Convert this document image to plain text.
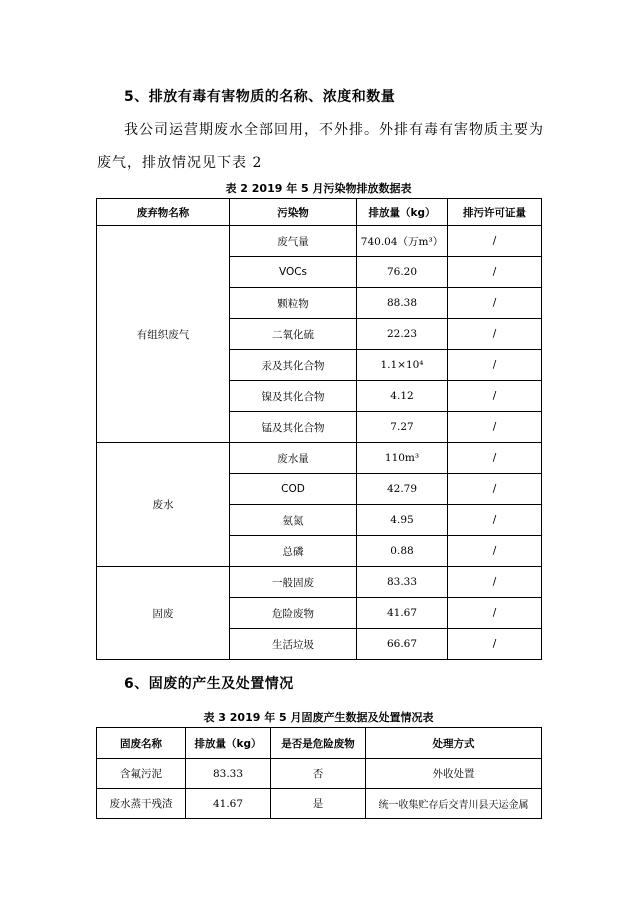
5、排放有毒有害物质的名称、浓度和数量
我公司运营期废水全部回用，不外排。外排有毒有害物质主要为
废气，排放情况见下表 2
表 2 2019 年 5 月污染物排放数据表
废弃物名称	污染物	排放量（kg）	排污许可证量
有组织废气	废气量	740.04（万m³）	/
	VOCs	76.20	/
	颗粒物	88.38	/
	二氧化硫	22.23	/
	汞及其化合物	1.1×10⁴	/
	镍及其化合物	4.12	/
	锰及其化合物	7.27	/
废水	废水量	110m³	/
	COD	42.79	/
	氨氮	4.95	/
	总磷	0.88	/
固废	一般固废	83.33	/
	危险废物	41.67	/
	生活垃圾	66.67	/
6、固废的产生及处置情况
表 3 2019 年 5 月固废产生数据及处置情况表
固废名称	排放量（kg）	是否是危险废物	处理方式
含氟污泥	83.33	否	外收处置
废水蒸干残渣	41.67	是	统一收集贮存后交青川县天运金属
